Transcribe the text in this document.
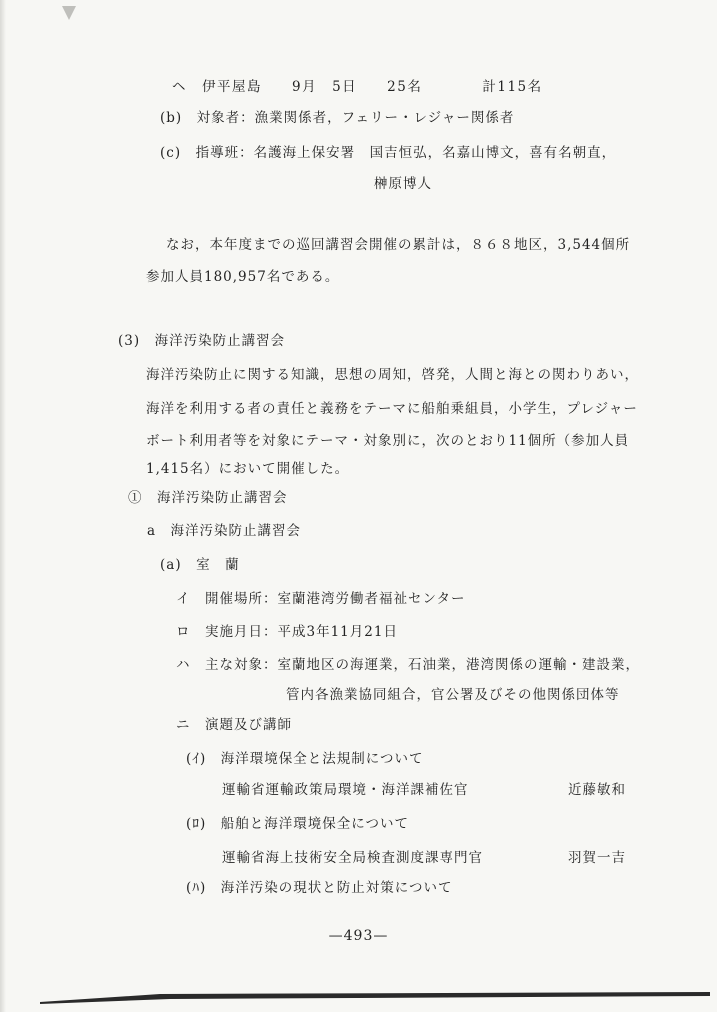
ヘ　伊平屋島　　9月　5日　　25名　　　　計115名
(b)　対象者：漁業関係者，フェリー・レジャー関係者
(c)　指導班：名護海上保安署　国吉恒弘，名嘉山博文，喜有名朝直，
榊原博人
なお，本年度までの巡回講習会開催の累計は，８６８地区，3,544個所
参加人員180,957名である。
(3)　海洋汚染防止講習会
海洋汚染防止に関する知識，思想の周知，啓発，人間と海との関わりあい，
海洋を利用する者の責任と義務をテーマに船舶乗組員，小学生，プレジャー
ボート利用者等を対象にテーマ・対象別に，次のとおり11個所（参加人員
1,415名）において開催した。
①　海洋汚染防止講習会
a　海洋汚染防止講習会
(a)　室　蘭
イ　開催場所：室蘭港湾労働者福祉センター
ロ　実施月日：平成3年11月21日
ハ　主な対象：室蘭地区の海運業，石油業，港湾関係の運輸・建設業，
管内各漁業協同組合，官公署及びその他関係団体等
ニ　演題及び講師
(ｲ)　海洋環境保全と法規制について
運輸省運輸政策局環境・海洋課補佐官	近藤敏和
(ﾛ)　船舶と海洋環境保全について
運輸省海上技術安全局検査測度課専門官	羽賀一吉
(ﾊ)　海洋汚染の現状と防止対策について
—493—
